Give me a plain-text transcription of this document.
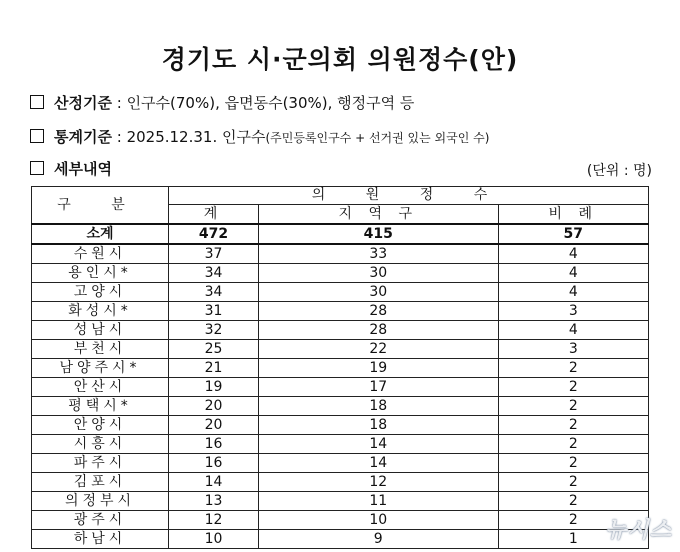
경기도 시·군의회 의원정수(안)
산정기준 : 인구수(70%), 읍면동수(30%), 행정구역 등
통계기준 : 2025.12.31. 인구수(주민등록인구수 + 선거권 있는 외국인 수)
세부내역	(단위 : 명)
구 분	의 원 정 수		
	계	지 역 구	비 례
소계	472	415	57
수원시	37	33	4
용인시*	34	30	4
고양시	34	30	4
화성시*	31	28	3
성남시	32	28	4
부천시	25	22	3
남양주시*	21	19	2
안산시	19	17	2
평택시*	20	18	2
안양시	20	18	2
시흥시	16	14	2
파주시	16	14	2
김포시	14	12	2
의정부시	13	11	2
광주시	12	10	2
하남시	10	9	1 뉴시스
